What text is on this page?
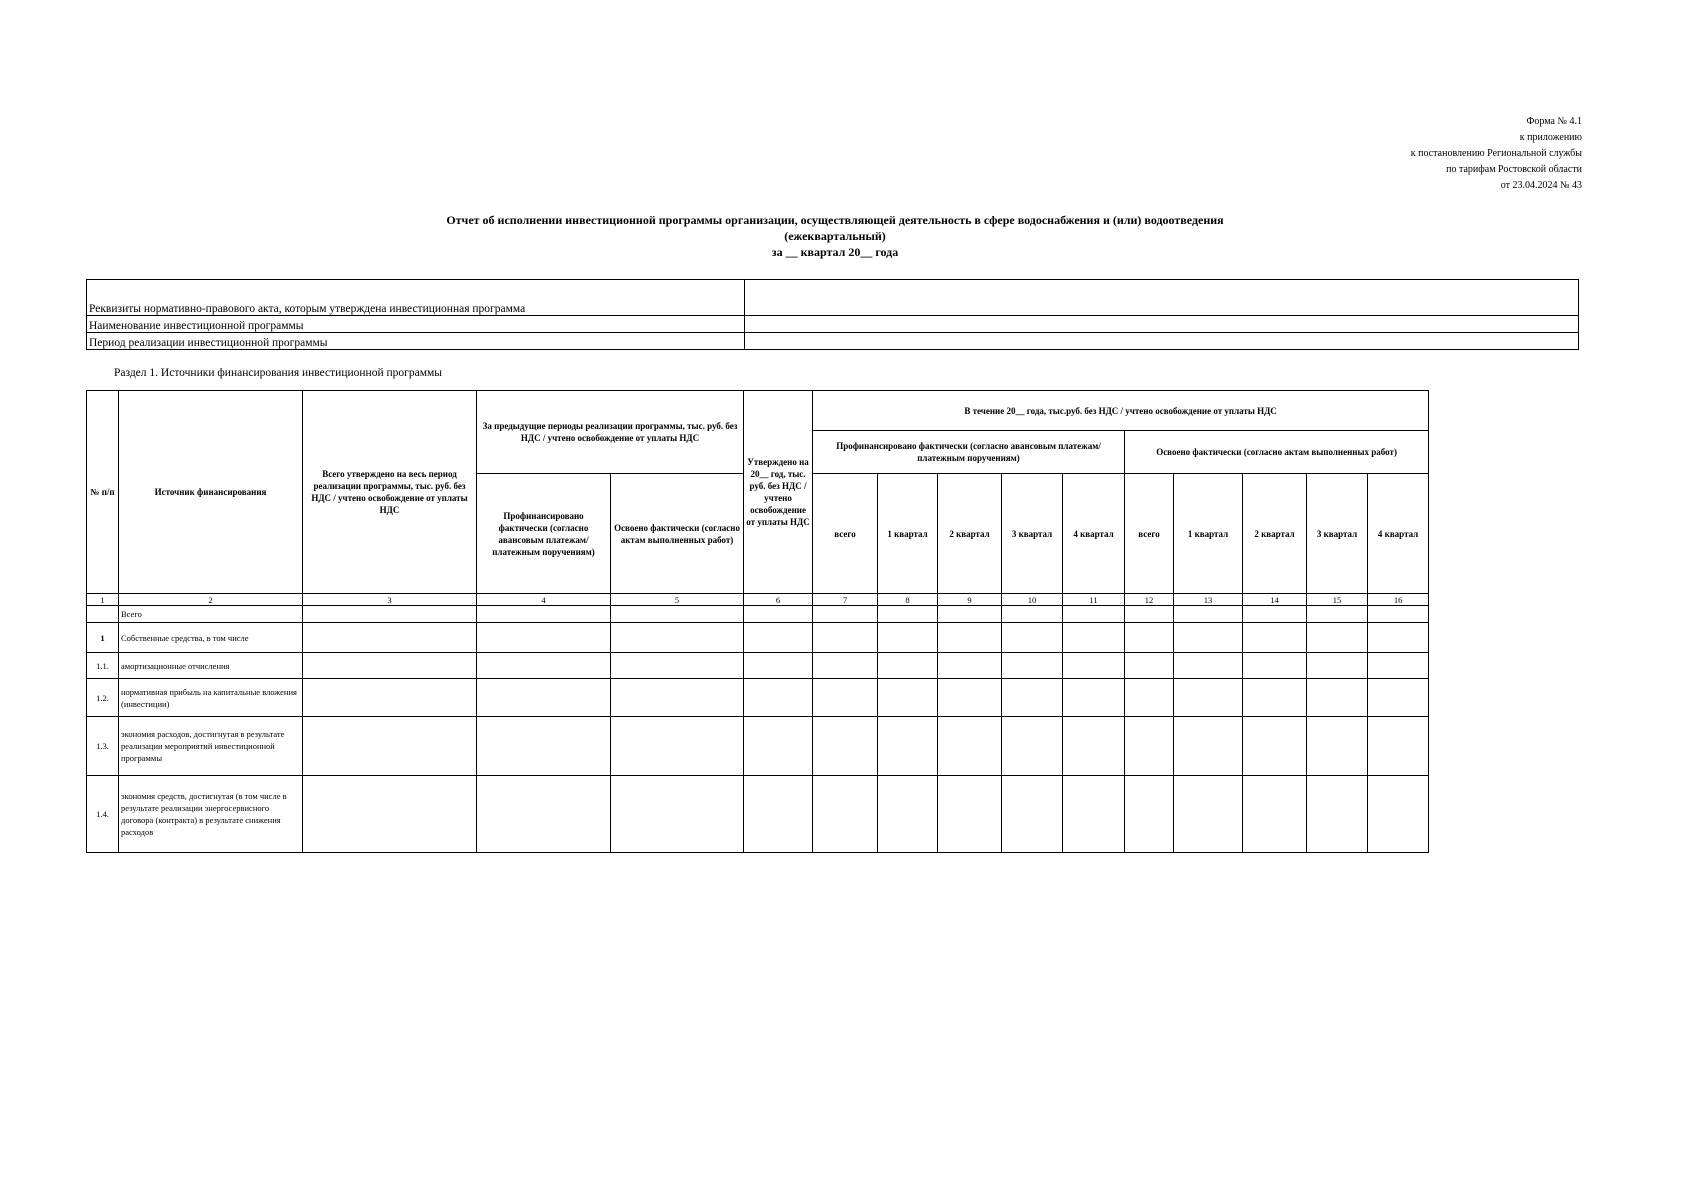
Форма № 4.1
к приложению
к постановлению Региональной службы
по тарифам Ростовской области
от 23.04.2024 № 43
Отчет об исполнении инвестиционной программы организации, осуществляющей деятельность в сфере водоснабжения и (или) водоотведения
(ежеквартальный)
за __ квартал 20__ года
Реквизиты нормативно-правового акта, которым утверждена инвестиционная программа	
Наименование инвестиционной программы	
Период реализации инвестиционной программы	
Раздел 1. Источники финансирования инвестиционной программы
№ п/п	Источник финансирования	Всего утверждено на весь период реализации программы, тыс. руб. без НДС / учтено освобождение от уплаты НДС	За предыдущие периоды реализации программы, тыс. руб. без НДС / учтено освобождение от уплаты НДС		Утверждено на 20__ год, тыс. руб. без НДС / учтено освобождение от уплаты НДС	В течение 20__ года, тыс.руб. без НДС / учтено освобождение от уплаты НДС									
						Профинансировано фактически (согласно авансовым платежам/платежным поручениям)					Освоено фактически (согласно актам выполненных работ)				
			Профинансировано фактически (согласно авансовым платежам/платежным поручениям)	Освоено фактически (согласно актам выполненных работ)		всего	1 квартал	2 квартал	3 квартал	4 квартал	всего	1 квартал	2 квартал	3 квартал	4 квартал
1	2	3	4	5	6	7	8	9	10	11	12	13	14	15	16
	Всего														
1	Собственные средства, в том числе														
1.1.	амортизационные отчисления														
1.2.	нормативная прибыль на капитальные вложения (инвестиции)														
1.3.	экономия расходов, достигнутая в результате реализации мероприятий инвестиционной программы														
1.4.	экономия средств, достигнутая (в том числе в результате реализации энергосервисного договора (контракта) в результате снижения расходов														
